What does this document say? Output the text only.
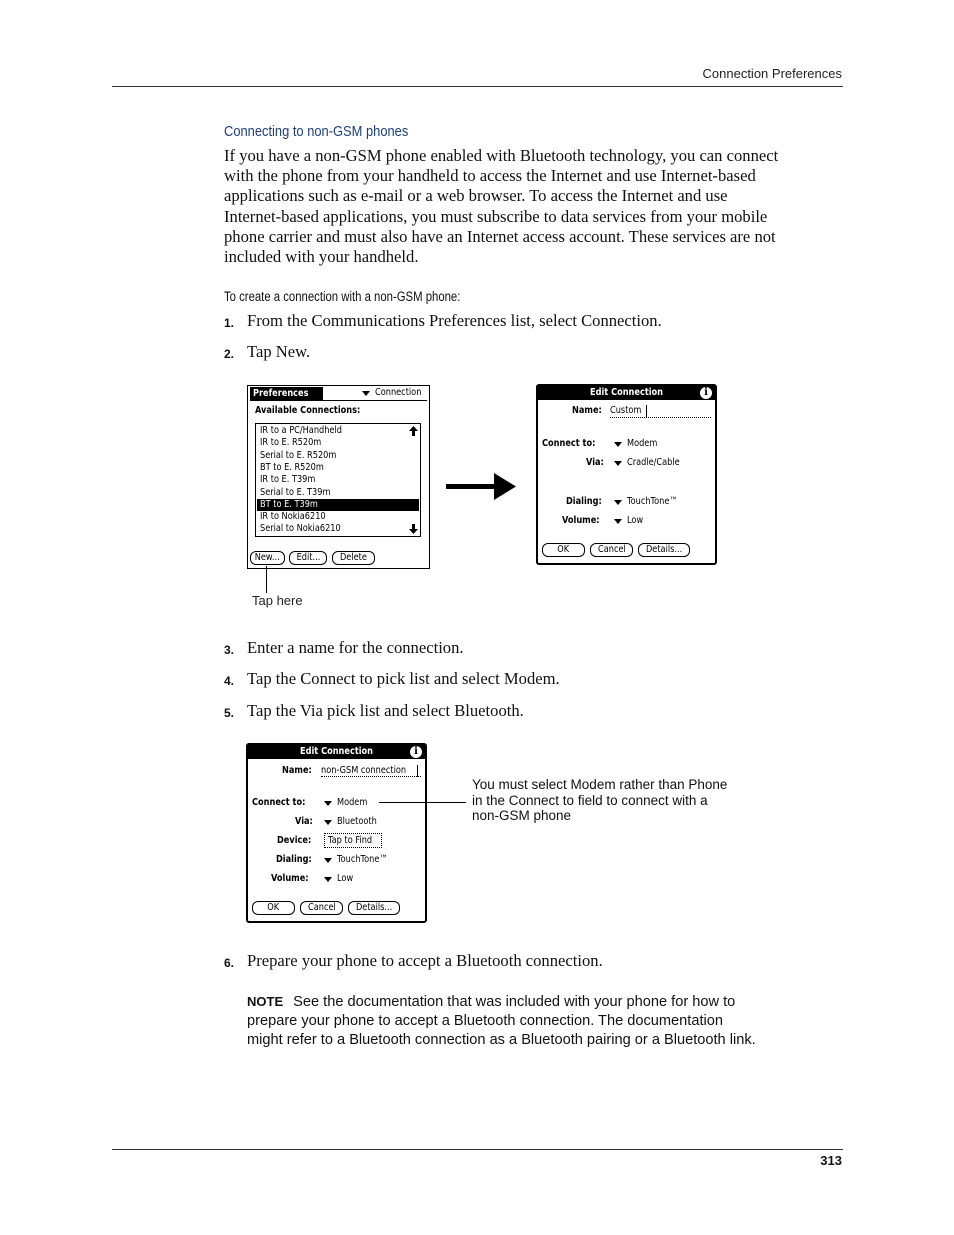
Connection Preferences
Connecting to non-GSM phones
If you have a non-GSM phone enabled with Bluetooth technology, you can connect
with the phone from your handheld to access the Internet and use Internet-based
applications such as e-mail or a web browser. To access the Internet and use
Internet-based applications, you must subscribe to data services from your mobile
phone carrier and must also have an Internet access account. These services are not
included with your handheld.
To create a connection with a non-GSM phone:
1. From the Communications Preferences list, select Connection.
2. Tap New.
Preferences	Connection
Available Connections:
IR to a PC/Handheld
IR to E. R520m
Serial to E. R520m
BT to E. R520m
IR to E. T39m
Serial to E. T39m
BT to E. T39m
IR to Nokia6210
Serial to Nokia6210
New...	Edit...	Delete
Tap here
Edit Connection	i
Name: Custom
Connect to:	Modem
Via: Cradle/Cable
Dialing:	TouchTone™
Volume:	Low
OK	Cancel	Details...
3. Enter a name for the connection.
4. Tap the Connect to pick list and select Modem.
5. Tap the Via pick list and select Bluetooth.
Edit Connection	i
Name: non-GSM connection
Connect to:	Modem
Via: Bluetooth
Device: Tap to Find
Dialing:	TouchTone™
Volume:	Low
OK	Cancel	Details...
You must select Modem rather than Phone
in the Connect to field to connect with a
non-GSM phone
6. Prepare your phone to accept a Bluetooth connection.
NOTE See the documentation that was included with your phone for how to
prepare your phone to accept a Bluetooth connection. The documentation
might refer to a Bluetooth connection as a Bluetooth pairing or a Bluetooth link.
313
